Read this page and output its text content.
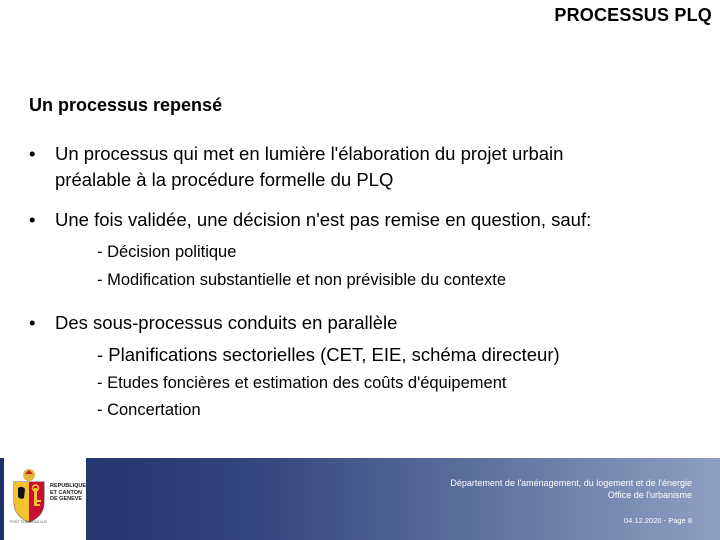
PROCESSUS PLQ
Un processus repensé
•	Un processus qui met en lumière l'élaboration du projet urbain
préalable à la procédure formelle du PLQ
•	Une fois validée, une décision n'est pas remise en question, sauf:
- Décision politique
- Modification substantielle et non prévisible du contexte
•	Des sous-processus conduits en parallèle
- Planifications sectorielles (CET, EIE, schéma directeur)
- Etudes foncières et estimation des coûts d'équipement
- Concertation
REPUBLIQUE
ET CANTON
DE GENEVE
POST TENEBRAS LUX
Département de l'aménagement, du logement et de l'énergie
Office de l'urbanisme
04.12.2020 - Page 8
